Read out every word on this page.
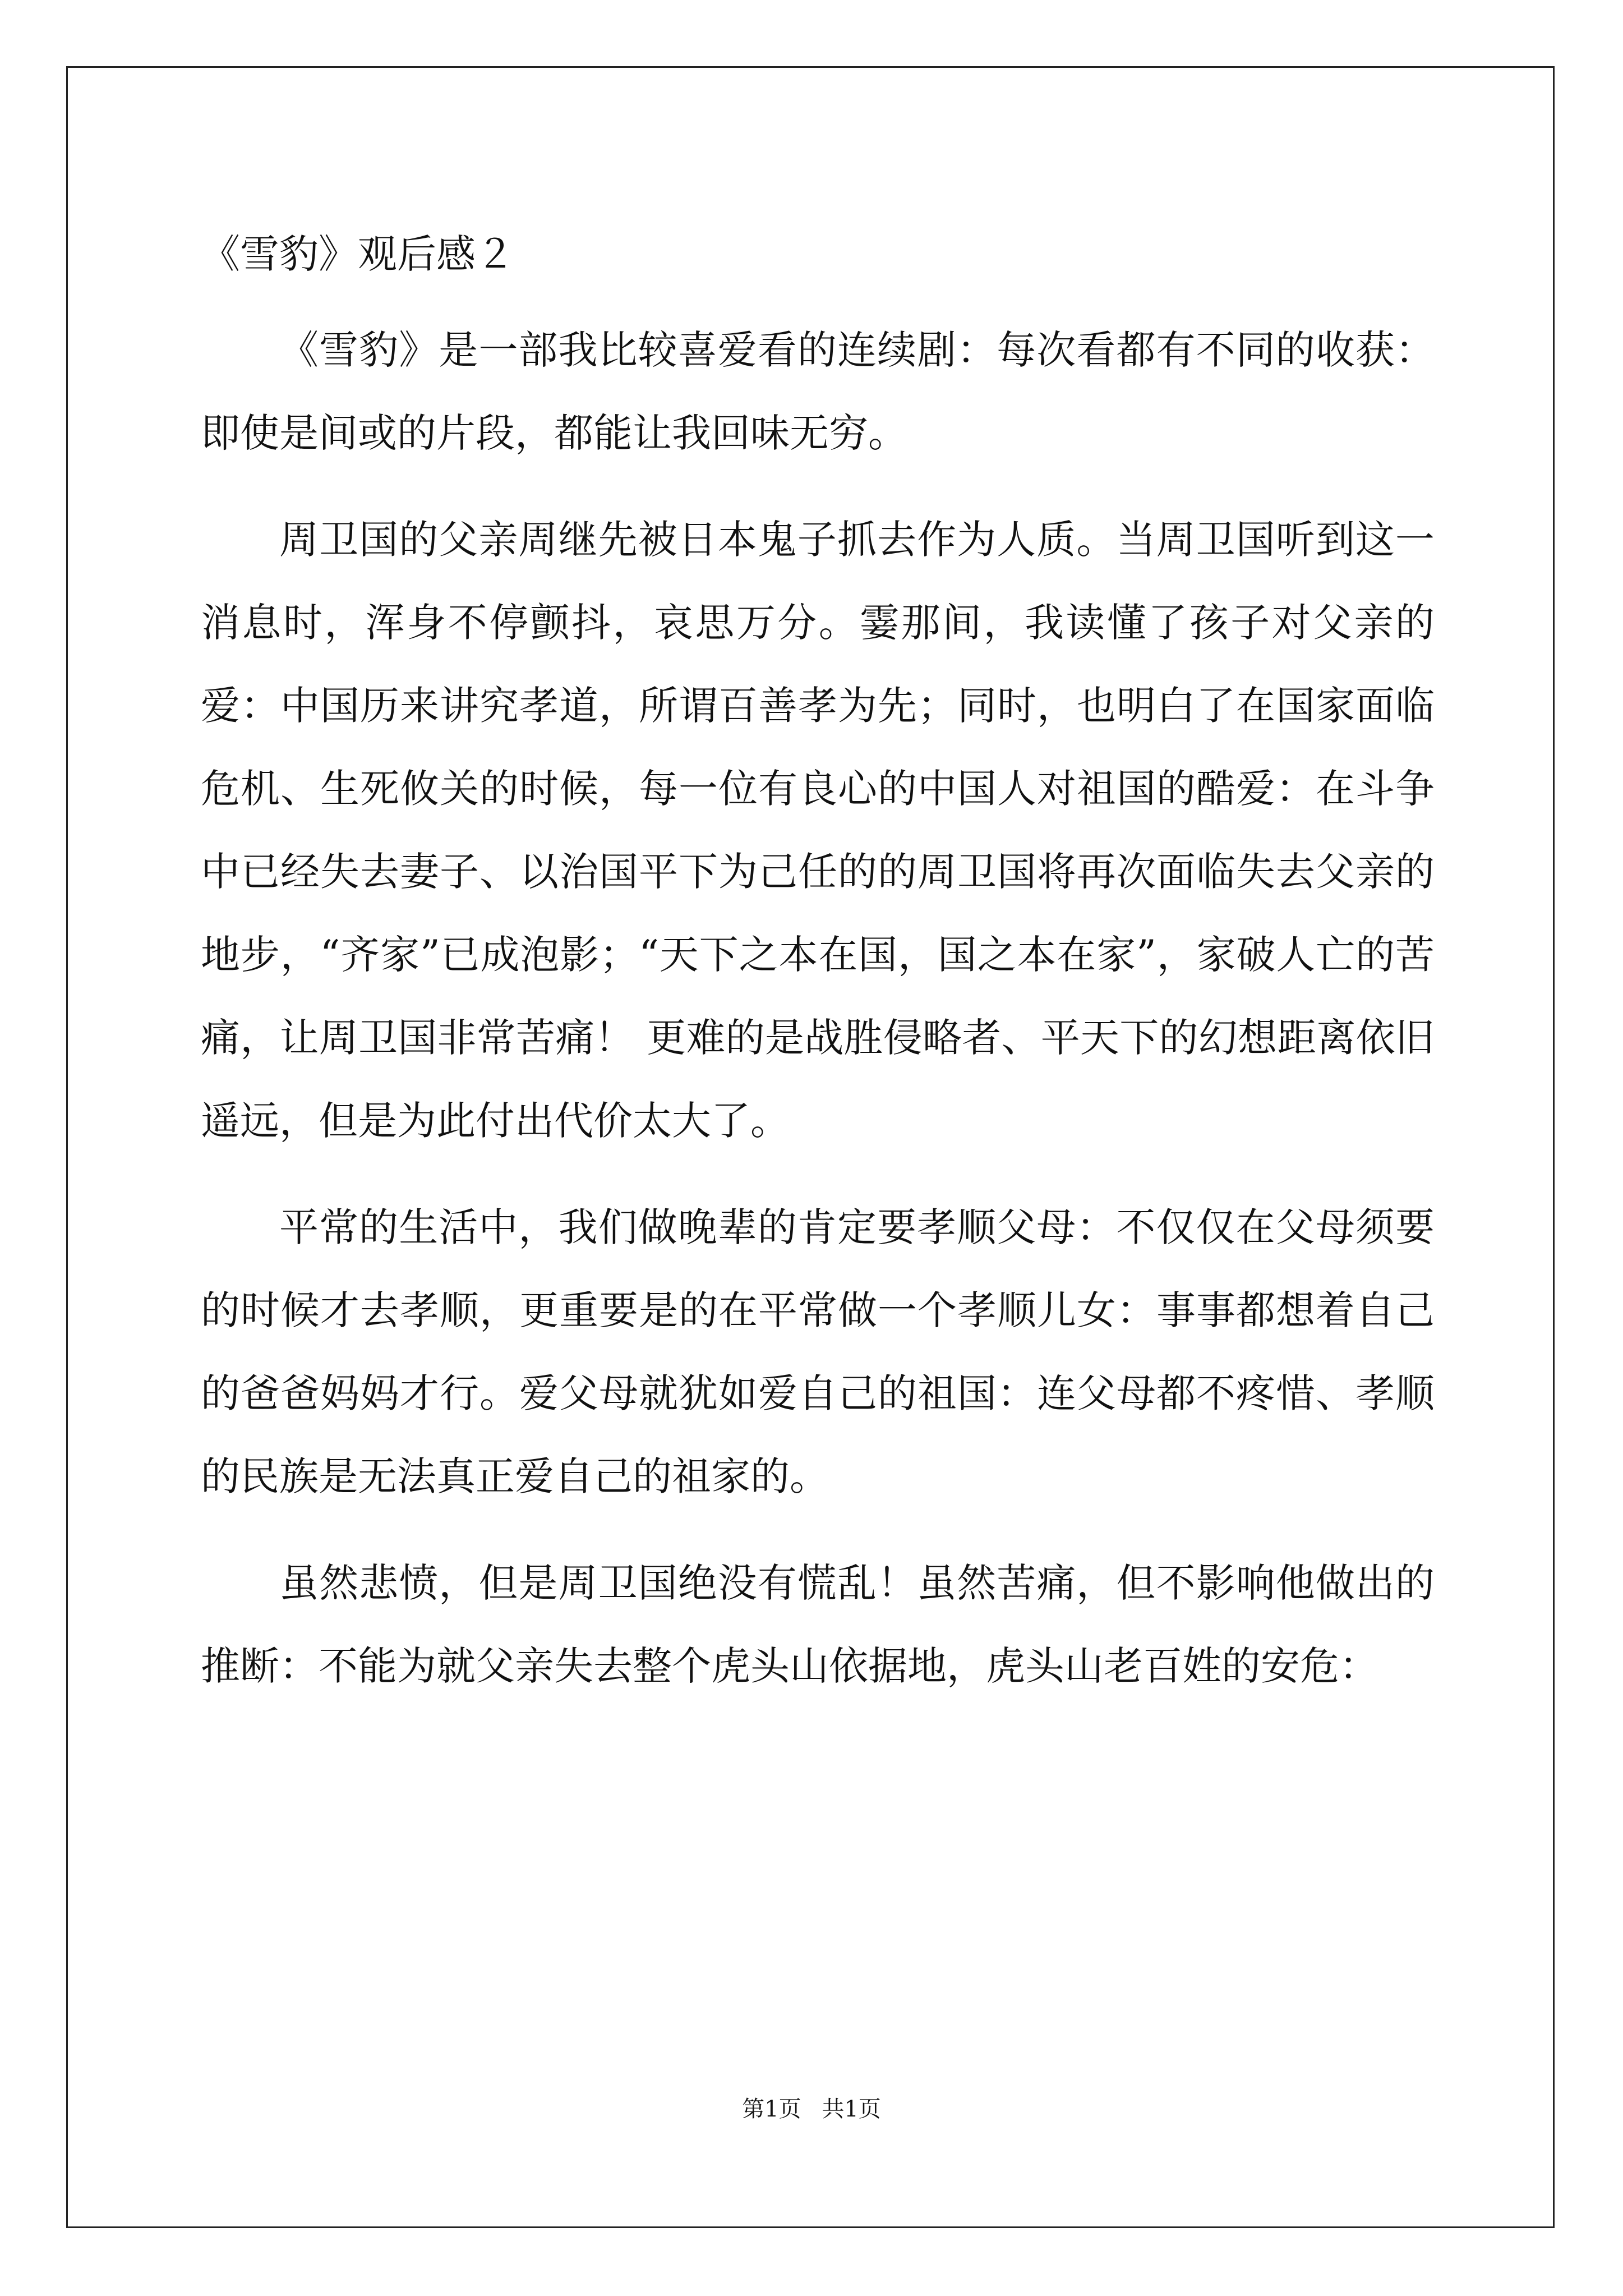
《雪豹》观后感２

《雪豹》是一部我比较喜爱看的连续剧：每次看都有不同的收获：即使是间或的片段，都能让我回味无穷。

周卫国的父亲周继先被日本鬼子抓去作为人质。当周卫国听到这一消息时，浑身不停颤抖，哀思万分。霎那间，我读懂了孩子对父亲的爱：中国历来讲究孝道，所谓百善孝为先；同时，也明白了在国家面临危机、生死攸关的时候，每一位有良心的中国人对祖国的酷爱：在斗争中已经失去妻子、以治国平下为己任的的周卫国将再次面临失去父亲的地步，“齐家”已成泡影；“天下之本在国，国之本在家”，家破人亡的苦痛，让周卫国非常苦痛！ 更难的是战胜侵略者、平天下的幻想距离依旧遥远，但是为此付出代价太大了。

平常的生活中，我们做晚辈的肯定要孝顺父母：不仅仅在父母须要的时候才去孝顺，更重要是的在平常做一个孝顺儿女：事事都想着自己的爸爸妈妈才行。爱父母就犹如爱自己的祖国：连父母都不疼惜、孝顺的民族是无法真正爱自己的祖家的。

虽然悲愤，但是周卫国绝没有慌乱！虽然苦痛，但不影响他做出的推断：不能为就父亲失去整个虎头山依据地，虎头山老百姓的安危：

第1页 共1页
